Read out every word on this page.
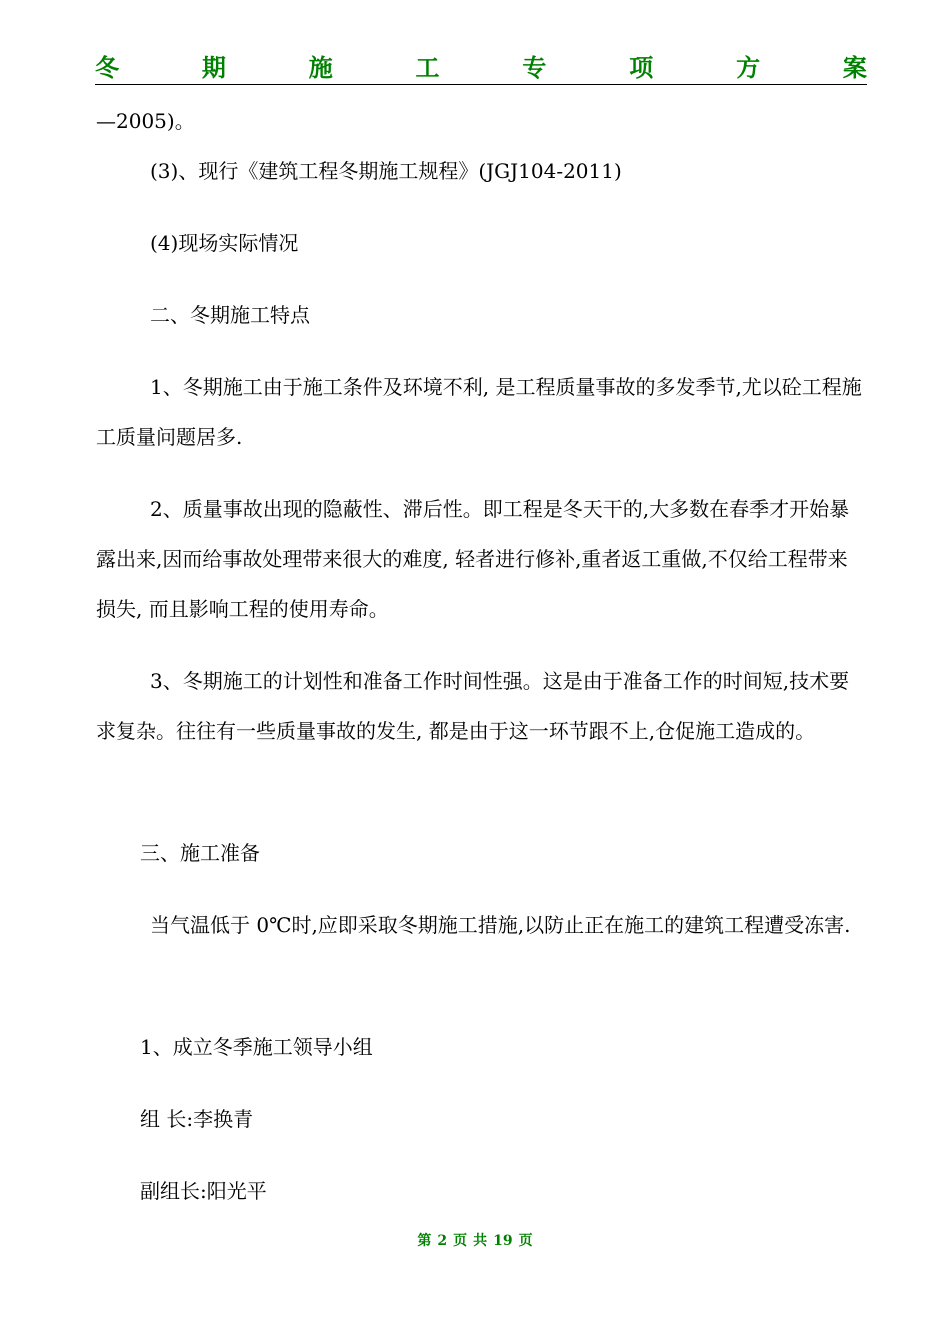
冬	期	施	工	专	项	方	案

—2005)。

(3)、现行《建筑工程冬期施工规程》(JGJ104-2011)

(4)现场实际情况

二、冬期施工特点

1、冬期施工由于施工条件及环境不利, 是工程质量事故的多发季节,尤以砼工程施工质量问题居多.

2、质量事故出现的隐蔽性、滞后性。即工程是冬天干的,大多数在春季才开始暴露出来,因而给事故处理带来很大的难度, 轻者进行修补,重者返工重做,不仅给工程带来损失, 而且影响工程的使用寿命。

3、冬期施工的计划性和准备工作时间性强。这是由于准备工作的时间短,技术要求复杂。往往有一些质量事故的发生, 都是由于这一环节跟不上,仓促施工造成的。

三、施工准备

当气温低于 0℃时,应即采取冬期施工措施,以防止正在施工的建筑工程遭受冻害.

1、成立冬季施工领导小组

组 长:李换青

副组长:阳光平

第 2 页 共 19 页
